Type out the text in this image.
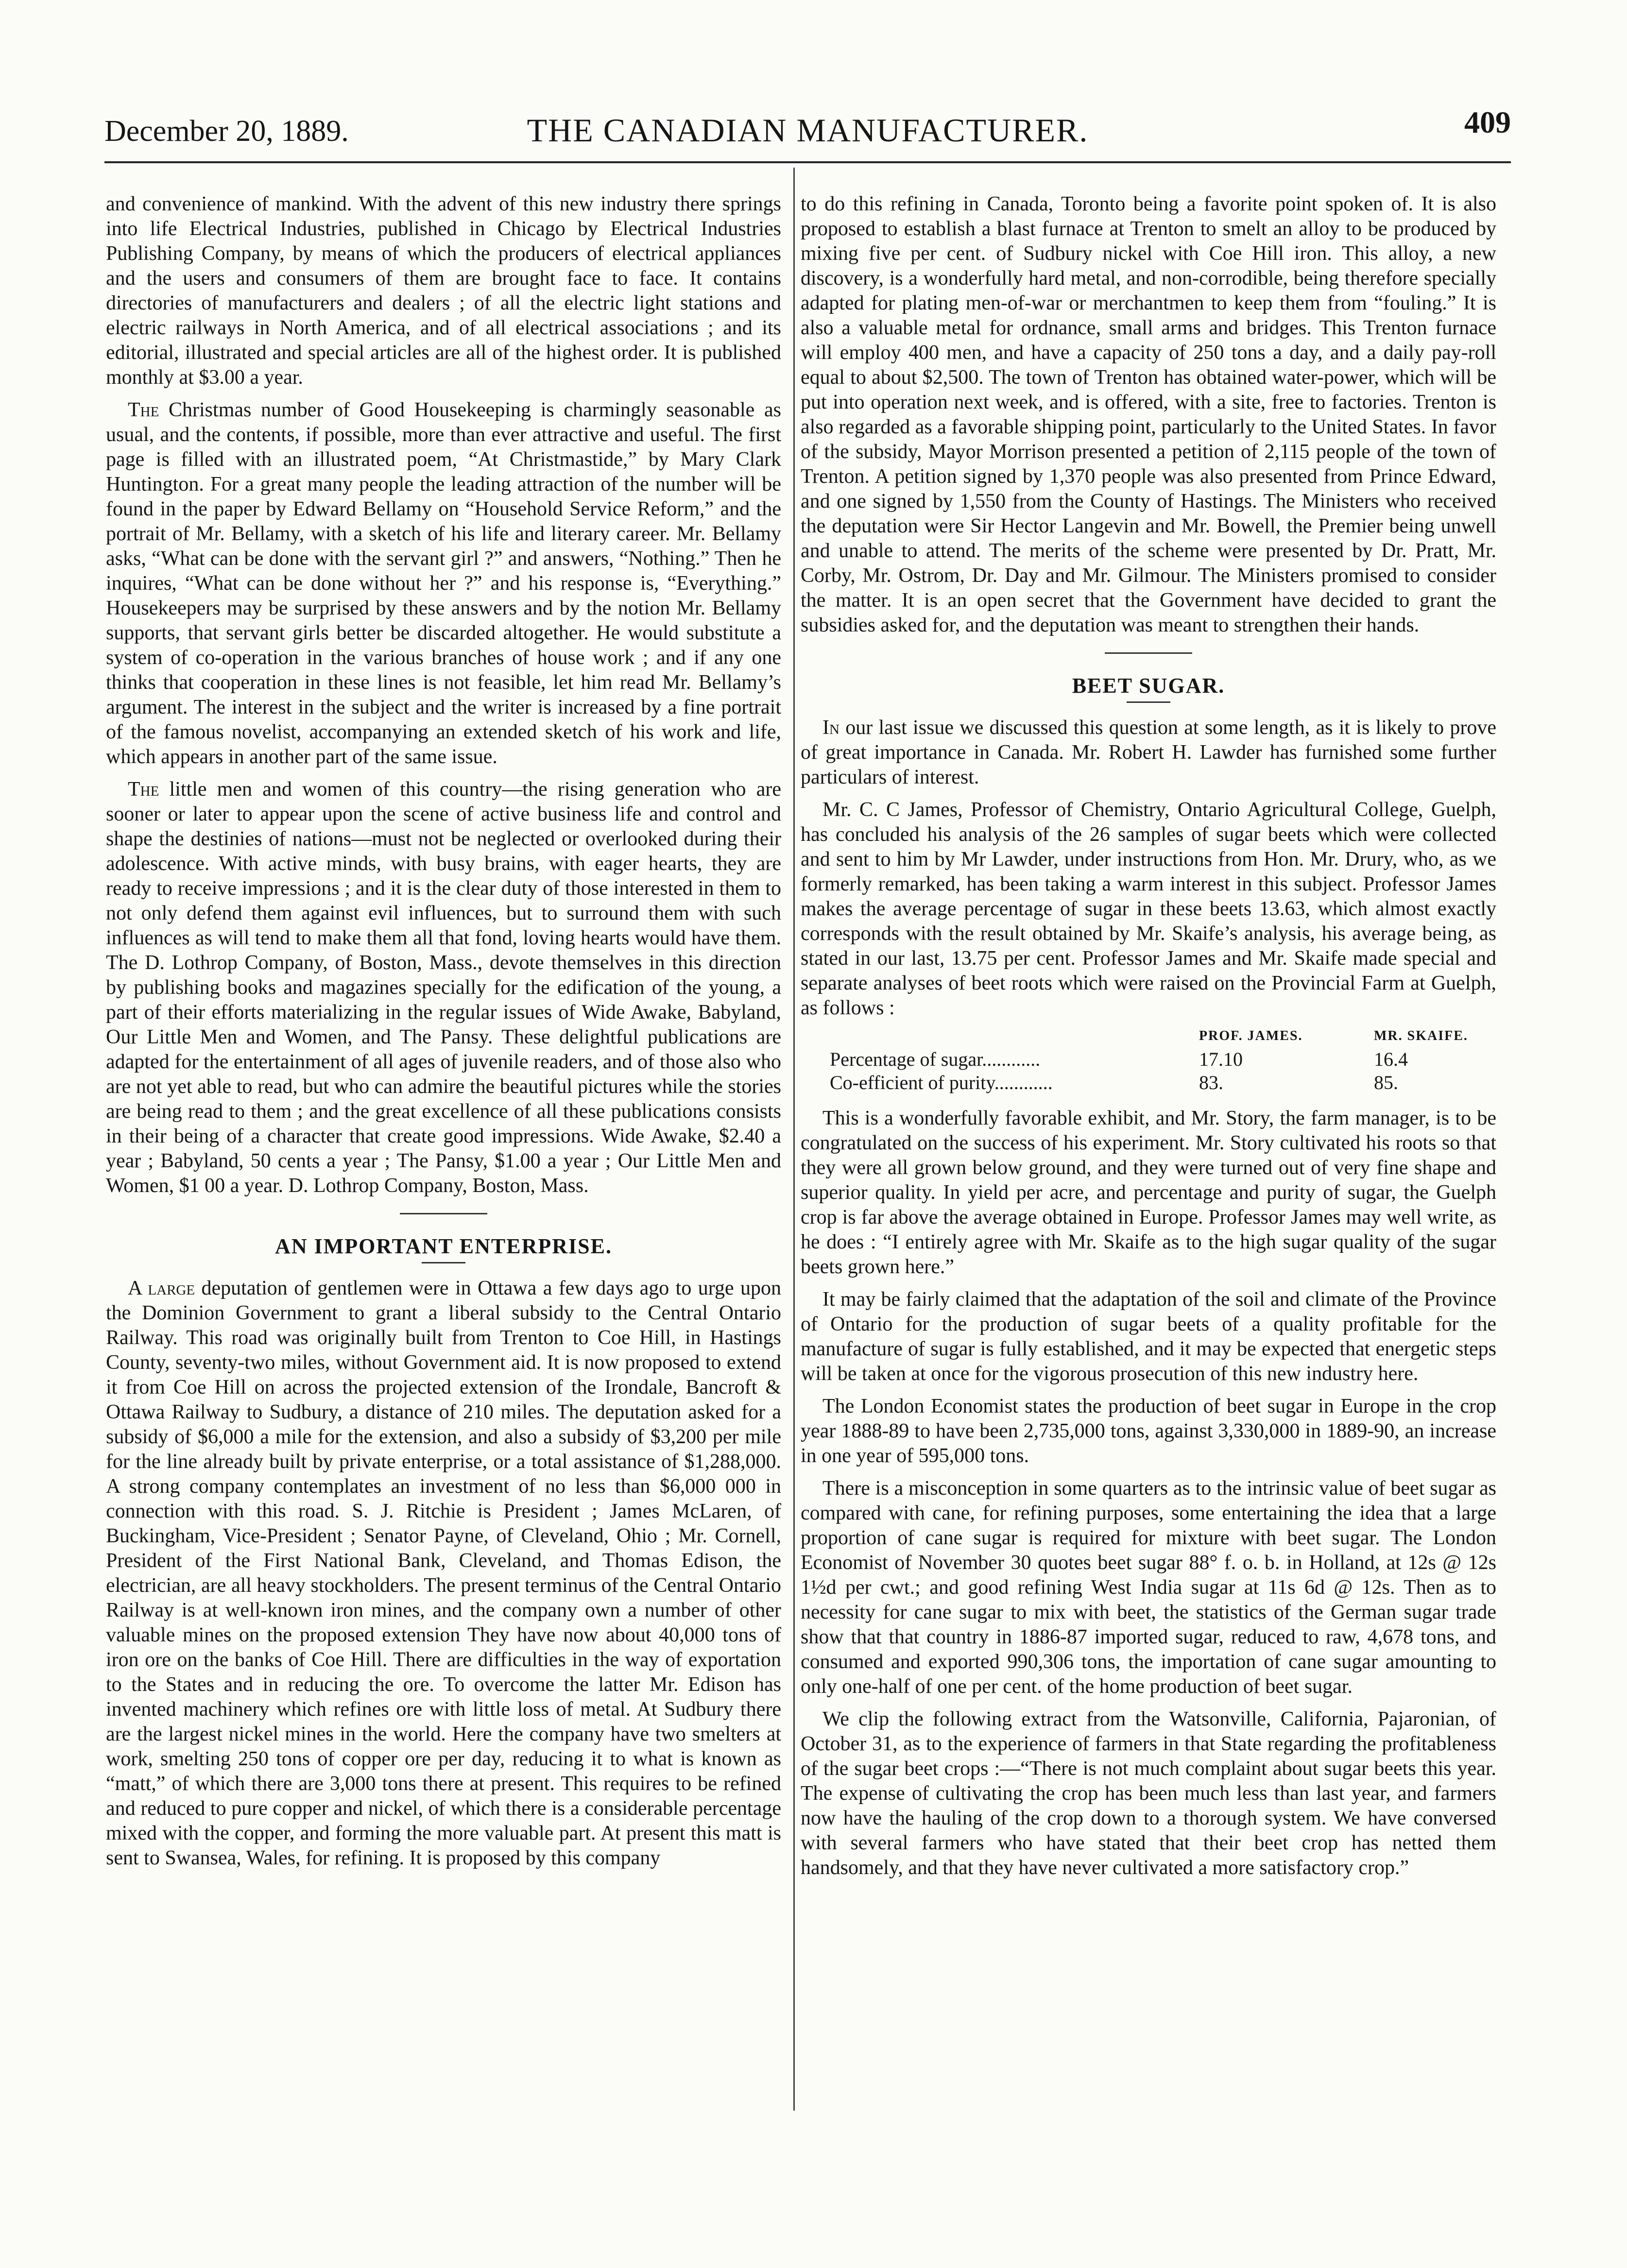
December 20, 1889.	THE CANADIAN MANUFACTURER.	409

and convenience of mankind. With the advent of this new industry there springs into life Electrical Industries, published in Chicago by Electrical Industries Publishing Company, by means of which the producers of electrical appliances and the users and consumers of them are brought face to face. It contains directories of manufacturers and dealers ; of all the electric light stations and electric railways in North America, and of all electrical associations ; and its editorial, illustrated and special articles are all of the highest order. It is published monthly at $3.00 a year.

The Christmas number of Good Housekeeping is charmingly seasonable as usual, and the contents, if possible, more than ever attractive and useful. The first page is filled with an illustrated poem, “At Christmastide,” by Mary Clark Huntington. For a great many people the leading attraction of the number will be found in the paper by Edward Bellamy on “Household Service Reform,” and the portrait of Mr. Bellamy, with a sketch of his life and literary career. Mr. Bellamy asks, “What can be done with the servant girl ?” and answers, “Nothing.” Then he inquires, “What can be done without her ?” and his response is, “Everything.” Housekeepers may be surprised by these answers and by the notion Mr. Bellamy supports, that servant girls better be discarded altogether. He would substitute a system of co-operation in the various branches of house work ; and if any one thinks that cooperation in these lines is not feasible, let him read Mr. Bellamy’s argument. The interest in the subject and the writer is increased by a fine portrait of the famous novelist, accompanying an extended sketch of his work and life, which appears in another part of the same issue.

The little men and women of this country—the rising generation who are sooner or later to appear upon the scene of active business life and control and shape the destinies of nations—must not be neglected or overlooked during their adolescence. With active minds, with busy brains, with eager hearts, they are ready to receive impressions ; and it is the clear duty of those interested in them to not only defend them against evil influences, but to surround them with such influences as will tend to make them all that fond, loving hearts would have them. The D. Lothrop Company, of Boston, Mass., devote themselves in this direction by publishing books and magazines specially for the edification of the young, a part of their efforts materializing in the regular issues of Wide Awake, Babyland, Our Little Men and Women, and The Pansy. These delightful publications are adapted for the entertainment of all ages of juvenile readers, and of those also who are not yet able to read, but who can admire the beautiful pictures while the stories are being read to them ; and the great excellence of all these publications consists in their being of a character that create good impressions. Wide Awake, $2.40 a year ; Babyland, 50 cents a year ; The Pansy, $1.00 a year ; Our Little Men and Women, $1 00 a year. D. Lothrop Company, Boston, Mass.

AN IMPORTANT ENTERPRISE.

A large deputation of gentlemen were in Ottawa a few days ago to urge upon the Dominion Government to grant a liberal subsidy to the Central Ontario Railway. This road was originally built from Trenton to Coe Hill, in Hastings County, seventy-two miles, without Government aid. It is now proposed to extend it from Coe Hill on across the projected extension of the Irondale, Bancroft & Ottawa Railway to Sudbury, a distance of 210 miles. The deputation asked for a subsidy of $6,000 a mile for the extension, and also a subsidy of $3,200 per mile for the line already built by private enterprise, or a total assistance of $1,288,000. A strong company contemplates an investment of no less than $6,000 000 in connection with this road. S. J. Ritchie is President ; James McLaren, of Buckingham, Vice-President ; Senator Payne, of Cleveland, Ohio ; Mr. Cornell, President of the First National Bank, Cleveland, and Thomas Edison, the electrician, are all heavy stockholders. The present terminus of the Central Ontario Railway is at well-known iron mines, and the company own a number of other valuable mines on the proposed extension They have now about 40,000 tons of iron ore on the banks of Coe Hill. There are difficulties in the way of exportation to the States and in reducing the ore. To overcome the latter Mr. Edison has invented machinery which refines ore with little loss of metal. At Sudbury there are the largest nickel mines in the world. Here the company have two smelters at work, smelting 250 tons of copper ore per day, reducing it to what is known as “matt,” of which there are 3,000 tons there at present. This requires to be refined and reduced to pure copper and nickel, of which there is a considerable percentage mixed with the copper, and forming the more valuable part. At present this matt is sent to Swansea, Wales, for refining. It is proposed by this company

to do this refining in Canada, Toronto being a favorite point spoken of. It is also proposed to establish a blast furnace at Trenton to smelt an alloy to be produced by mixing five per cent. of Sudbury nickel with Coe Hill iron. This alloy, a new discovery, is a wonderfully hard metal, and non-corrodible, being therefore specially adapted for plating men-of-war or merchantmen to keep them from “fouling.” It is also a valuable metal for ordnance, small arms and bridges. This Trenton furnace will employ 400 men, and have a capacity of 250 tons a day, and a daily pay-roll equal to about $2,500. The town of Trenton has obtained water-power, which will be put into operation next week, and is offered, with a site, free to factories. Trenton is also regarded as a favorable shipping point, particularly to the United States. In favor of the subsidy, Mayor Morrison presented a petition of 2,115 people of the town of Trenton. A petition signed by 1,370 people was also presented from Prince Edward, and one signed by 1,550 from the County of Hastings. The Ministers who received the deputation were Sir Hector Langevin and Mr. Bowell, the Premier being unwell and unable to attend. The merits of the scheme were presented by Dr. Pratt, Mr. Corby, Mr. Ostrom, Dr. Day and Mr. Gilmour. The Ministers promised to consider the matter. It is an open secret that the Government have decided to grant the subsidies asked for, and the deputation was meant to strengthen their hands.

BEET SUGAR.

In our last issue we discussed this question at some length, as it is likely to prove of great importance in Canada. Mr. Robert H. Lawder has furnished some further particulars of interest.

Mr. C. C James, Professor of Chemistry, Ontario Agricultural College, Guelph, has concluded his analysis of the 26 samples of sugar beets which were collected and sent to him by Mr Lawder, under instructions from Hon. Mr. Drury, who, as we formerly remarked, has been taking a warm interest in this subject. Professor James makes the average percentage of sugar in these beets 13.63, which almost exactly corresponds with the result obtained by Mr. Skaife’s analysis, his average being, as stated in our last, 13.75 per cent. Professor James and Mr. Skaife made special and separate analyses of beet roots which were raised on the Provincial Farm at Guelph, as follows :

	PROF. JAMES.	MR. SKAIFE.
Percentage of sugar............	17.10	16.4
Co-efficient of purity............	83.	85.

This is a wonderfully favorable exhibit, and Mr. Story, the farm manager, is to be congratulated on the success of his experiment. Mr. Story cultivated his roots so that they were all grown below ground, and they were turned out of very fine shape and superior quality. In yield per acre, and percentage and purity of sugar, the Guelph crop is far above the average obtained in Europe. Professor James may well write, as he does : “I entirely agree with Mr. Skaife as to the high sugar quality of the sugar beets grown here.”

It may be fairly claimed that the adaptation of the soil and climate of the Province of Ontario for the production of sugar beets of a quality profitable for the manufacture of sugar is fully established, and it may be expected that energetic steps will be taken at once for the vigorous prosecution of this new industry here.

The London Economist states the production of beet sugar in Europe in the crop year 1888-89 to have been 2,735,000 tons, against 3,330,000 in 1889-90, an increase in one year of 595,000 tons.

There is a misconception in some quarters as to the intrinsic value of beet sugar as compared with cane, for refining purposes, some entertaining the idea that a large proportion of cane sugar is required for mixture with beet sugar. The London Economist of November 30 quotes beet sugar 88° f. o. b. in Holland, at 12s @ 12s 1½d per cwt.; and good refining West India sugar at 11s 6d @ 12s. Then as to necessity for cane sugar to mix with beet, the statistics of the German sugar trade show that that country in 1886-87 imported sugar, reduced to raw, 4,678 tons, and consumed and exported 990,306 tons, the importation of cane sugar amounting to only one-half of one per cent. of the home production of beet sugar.

We clip the following extract from the Watsonville, California, Pajaronian, of October 31, as to the experience of farmers in that State regarding the profitableness of the sugar beet crops :—“There is not much complaint about sugar beets this year. The expense of cultivating the crop has been much less than last year, and farmers now have the hauling of the crop down to a thorough system. We have conversed with several farmers who have stated that their beet crop has netted them handsomely, and that they have never cultivated a more satisfactory crop.”
